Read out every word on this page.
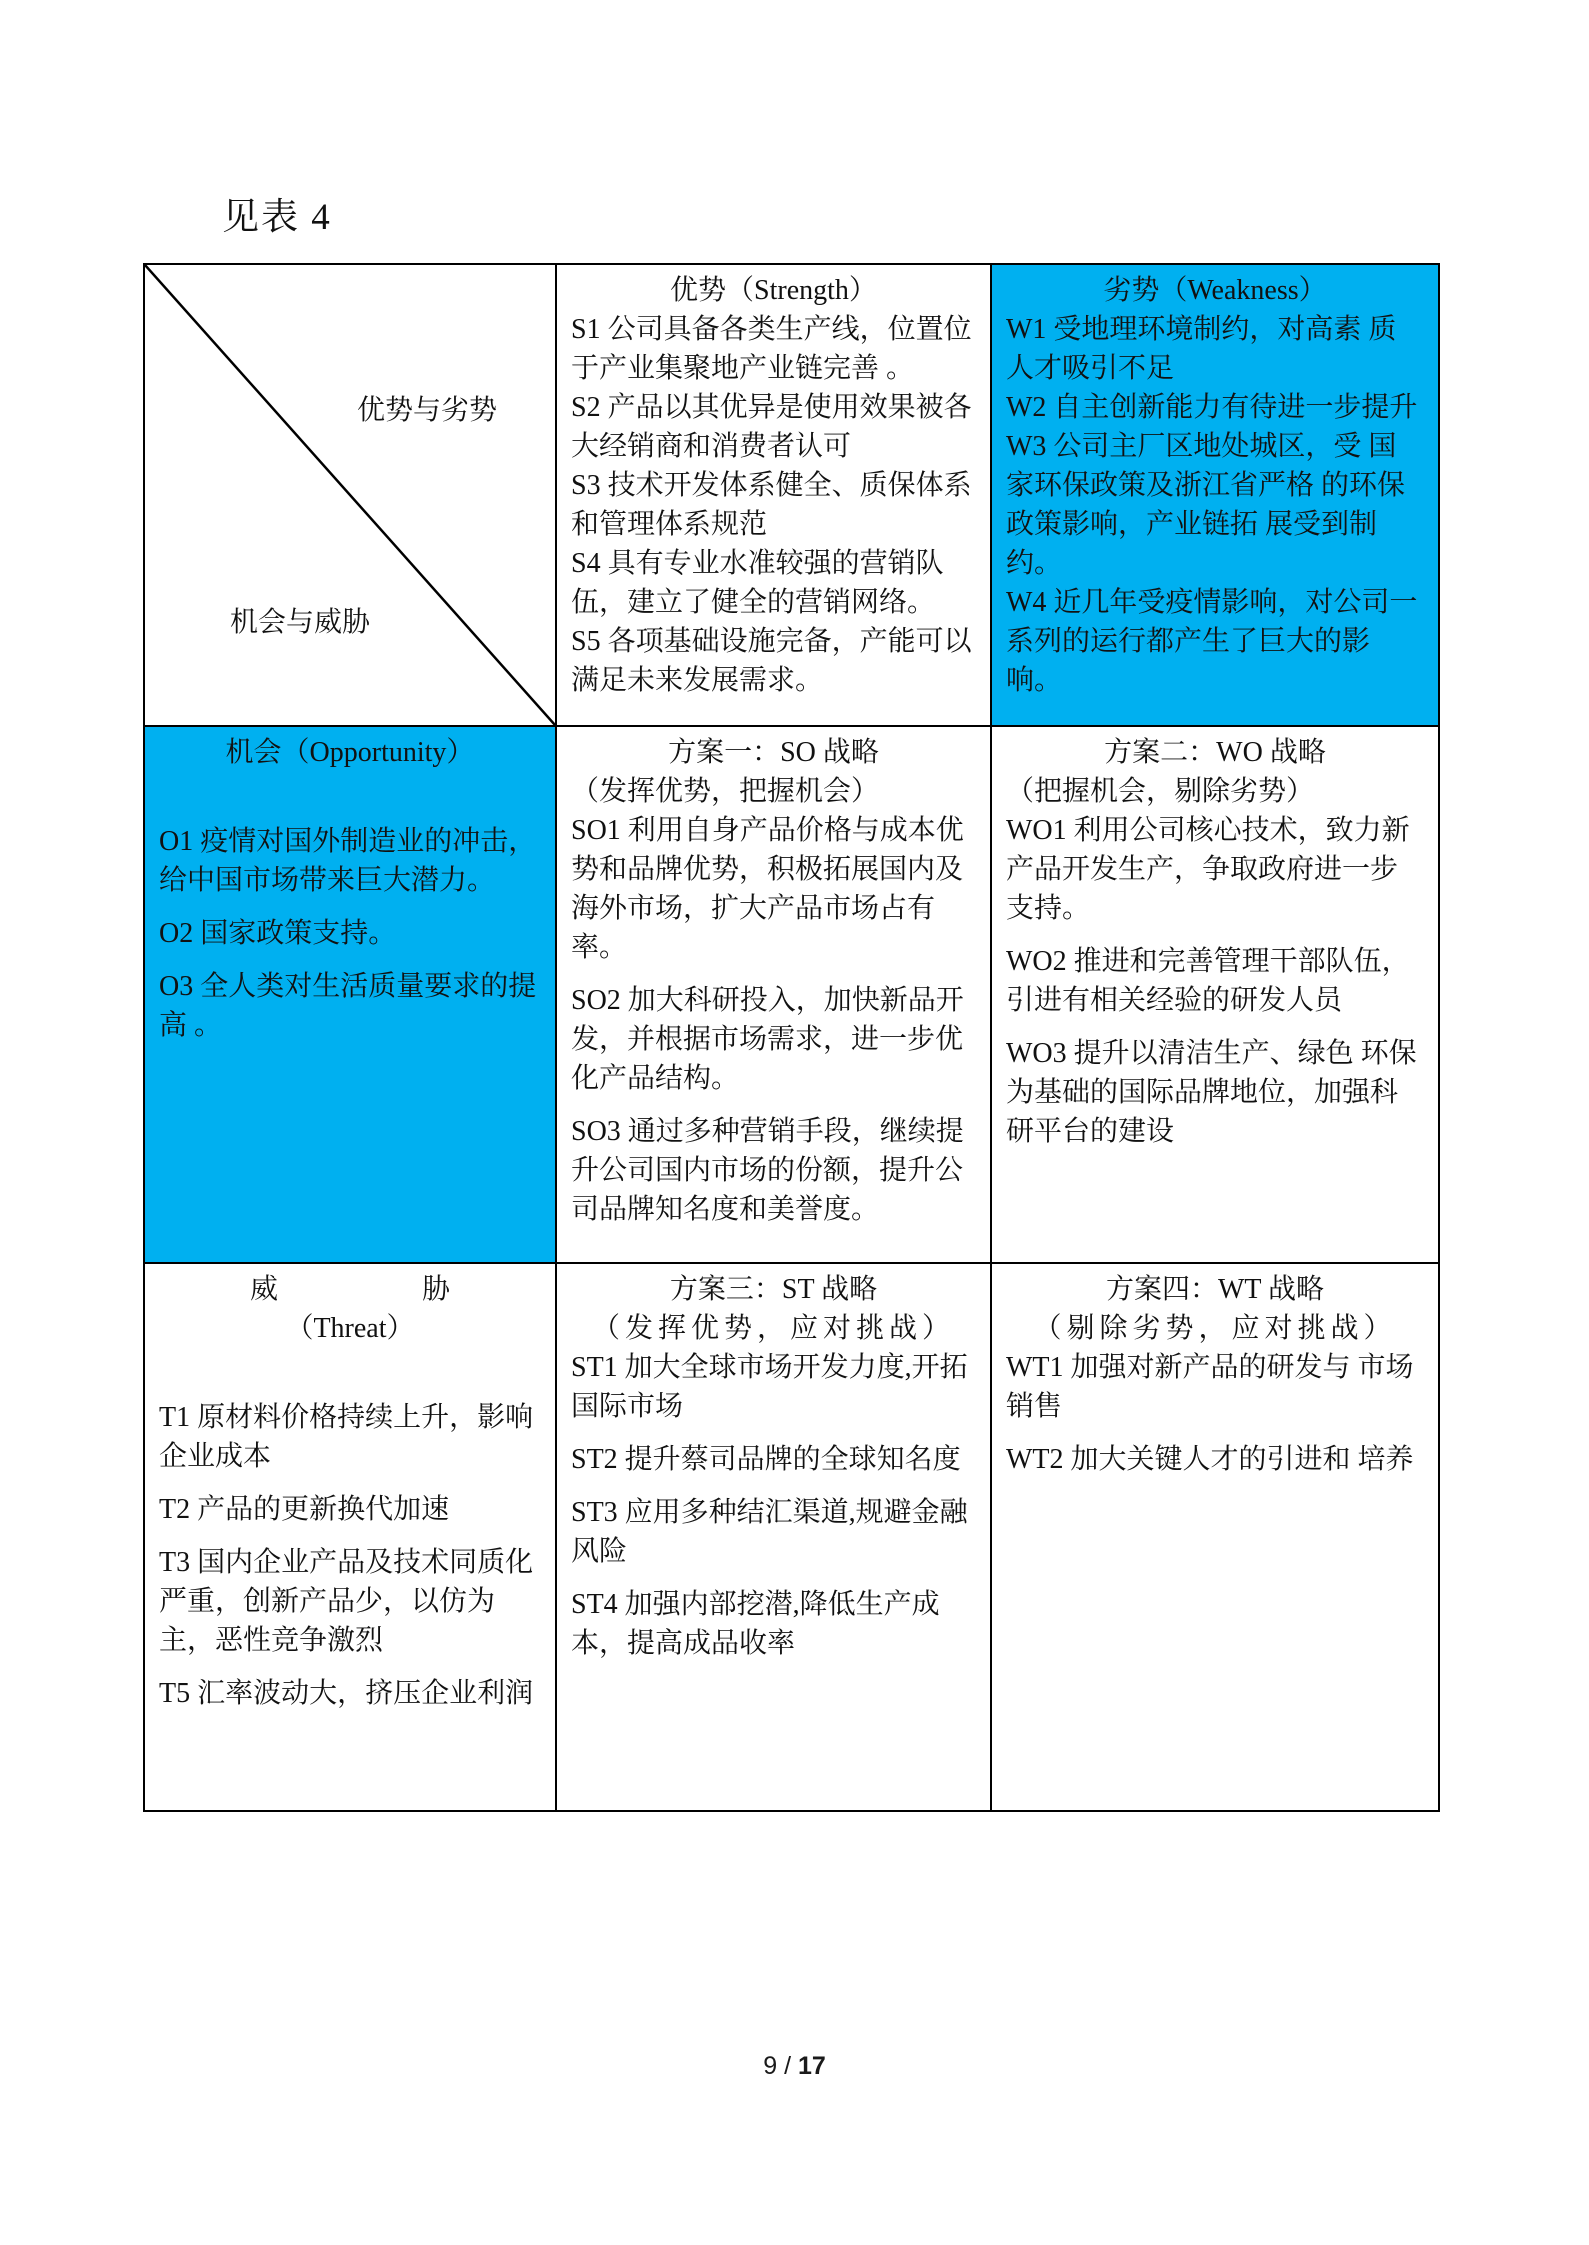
见表 4
优势与劣势
机会与威胁

优势（Strength）

S1 公司具备各类生产线，位置位于产业集聚地产业链完善 。

S2 产品以其优异是使用效果被各大经销商和消费者认可

S3 技术开发体系健全、质保体系和管理体系规范

S4 具有专业水准较强的营销队伍，建立了健全的营销网络。

S5 各项基础设施完备，产能可以满足未来发展需求。

劣势（Weakness）

W1 受地理环境制约，对高素 质人才吸引不足

W2 自主创新能力有待进一步提升

W3 公司主厂区地处城区，受 国家环保政策及浙江省严格 的环保政策影响，产业链拓 展受到制约。

W4 近几年受疫情影响，对公司一系列的运行都产生了巨大的影响。

机会（Opportunity）

O1 疫情对国外制造业的冲击，给中国市场带来巨大潜力。

O2 国家政策支持。

O3 全人类对生活质量要求的提高 。

方案一：SO 战略

（发挥优势，把握机会）

SO1 利用自身产品价格与成本优势和品牌优势，积极拓展国内及海外市场，扩大产品市场占有率。

SO2 加大科研投入，加快新品开发，并根据市场需求，进一步优化产品结构。

SO3 通过多种营销手段，继续提升公司国内市场的份额，提升公司品牌知名度和美誉度。

方案二：WO 战略

（把握机会，剔除劣势）

WO1 利用公司核心技术，致力新产品开发生产，争取政府进一步支持。

WO2 推进和完善管理干部队伍，引进有相关经验的研发人员

WO3 提升以清洁生产、绿色 环保为基础的国际品牌地位，加强科研平台的建设

威胁

（Threat）

T1 原材料价格持续上升，影响 企业成本

T2 产品的更新换代加速

T3 国内企业产品及技术同质化 严重，创新产品少，以仿为 主，恶性竞争激烈

T5 汇率波动大，挤压企业利润

方案三：ST 战略

（发挥优势，应对挑战）

ST1 加大全球市场开发力度,开拓国际市场

ST2 提升蔡司品牌的全球知名度

ST3 应用多种结汇渠道,规避金融风险

ST4 加强内部挖潜,降低生产成本，提高成品收率

方案四：WT 战略

（剔除劣势，应对挑战）

WT1 加强对新产品的研发与 市场销售

WT2 加大关键人才的引进和 培养

9 / 17
